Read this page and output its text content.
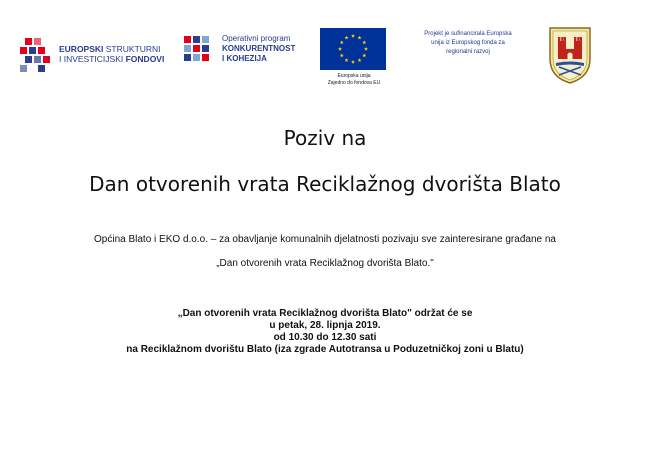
EUROPSKI STRUKTURNI
I INVESTICIJSKI FONDOVI
Operativni program
KONKURENTNOST
I KOHEZIJA
Europska unija
Zajedno do fondova EU
Projekt je sufinancirala Europska
unija iz Europskog fonda za
regionalni razvoj
Poziv na
Dan otvorenih vrata Reciklažnog dvorišta Blato
Općina Blato i EKO d.o.o. – za obavljanje komunalnih djelatnosti pozivaju sve zainteresirane građane na
„Dan otvorenih vrata Reciklažnog dvorišta Blato."
„Dan otvorenih vrata Reciklažnog dvorišta Blato" održat će se
u petak, 28. lipnja 2019.
od 10.30 do 12.30 sati
na Reciklažnom dvorištu Blato (iza zgrade Autotransa u Poduzetničkoj zoni u Blatu)
